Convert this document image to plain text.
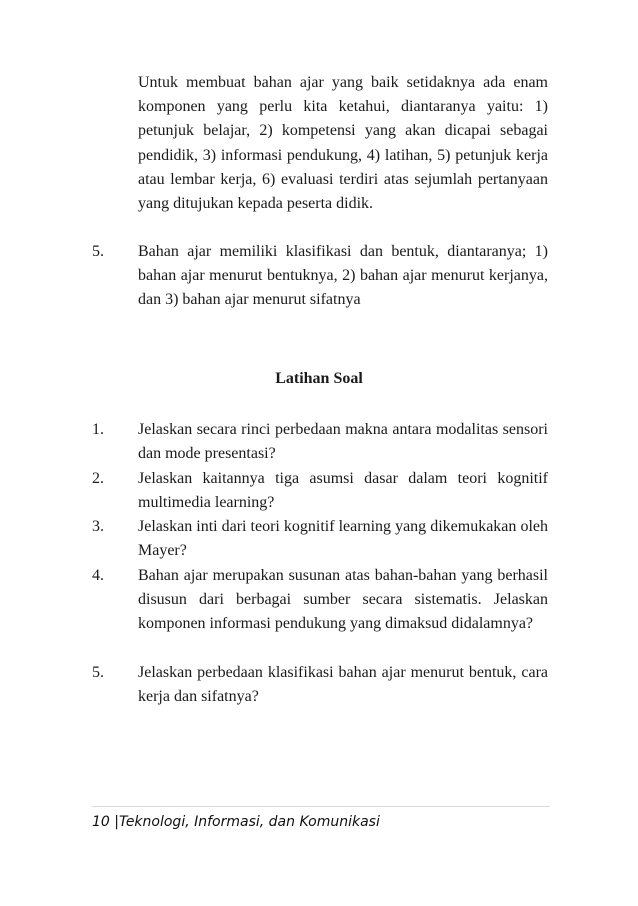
Untuk membuat bahan ajar yang baik setidaknya ada enam komponen yang perlu kita ketahui, diantaranya yaitu: 1) petunjuk belajar, 2) kompetensi yang akan dicapai sebagai pendidik, 3) informasi pendukung, 4) latihan, 5) petunjuk kerja atau lembar kerja, 6) evaluasi terdiri atas sejumlah pertanyaan yang ditujukan kepada peserta didik.

5.	Bahan ajar memiliki klasifikasi dan bentuk, diantaranya; 1) bahan ajar menurut bentuknya, 2) bahan ajar menurut kerjanya, dan 3) bahan ajar menurut sifatnya
Latihan Soal
1.	Jelaskan secara rinci perbedaan makna antara modalitas sensori dan mode presentasi?
2.	Jelaskan kaitannya tiga asumsi dasar dalam teori kognitif multimedia learning?
3.	Jelaskan inti dari teori kognitif learning yang dikemukakan oleh Mayer?
4.	Bahan ajar merupakan susunan atas bahan-bahan yang berhasil disusun dari berbagai sumber secara sistematis. Jelaskan komponen informasi pendukung yang dimaksud didalamnya?
5.	Jelaskan perbedaan klasifikasi bahan ajar menurut bentuk, cara kerja dan sifatnya?
10 |Teknologi, Informasi, dan Komunikasi
